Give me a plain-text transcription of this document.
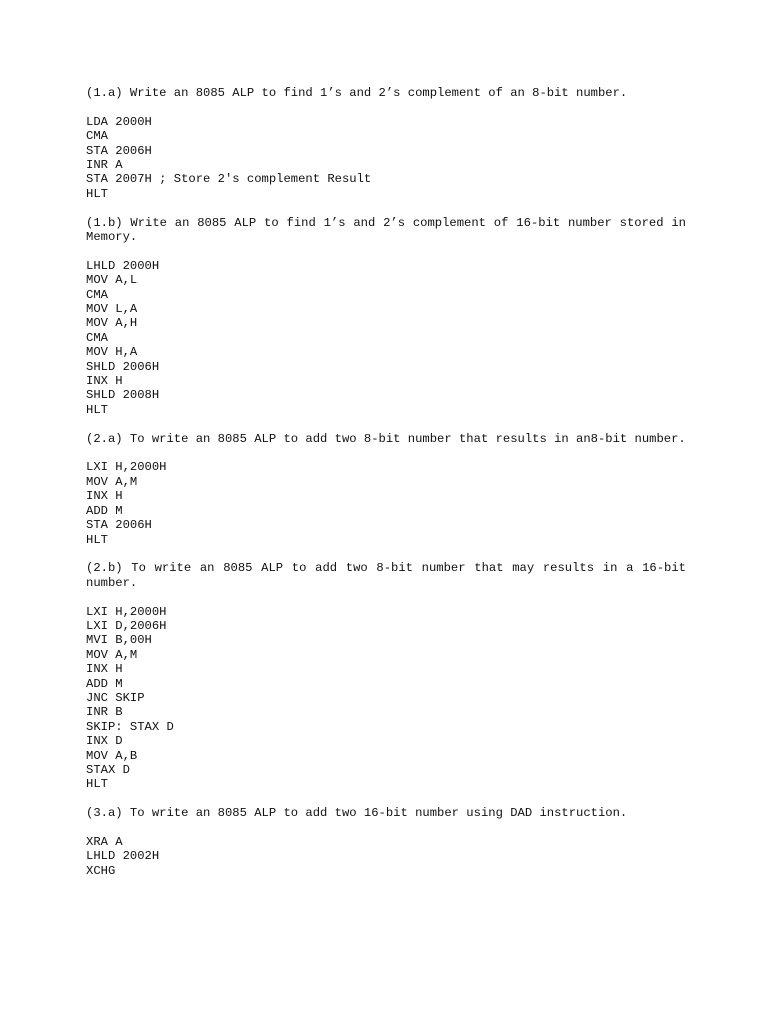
(1.a) Write an 8085 ALP to find 1’s and 2’s complement of an 8-bit number.
LDA 2000H
CMA
STA 2006H
INR A
STA 2007H ; Store 2's complement Result
HLT
(1.b) Write an 8085 ALP to find 1’s and 2’s complement of 16-bit number stored in Memory.
LHLD 2000H
MOV A,L
CMA
MOV L,A
MOV A,H
CMA
MOV H,A
SHLD 2006H
INX H
SHLD 2008H
HLT
(2.a) To write an 8085 ALP to add two 8-bit number that results in an8-bit number.
LXI H,2000H
MOV A,M
INX H
ADD M
STA 2006H
HLT
(2.b) To write an 8085 ALP to add two 8-bit number that may results in a 16-bit number.
LXI H,2000H
LXI D,2006H
MVI B,00H
MOV A,M
INX H
ADD M
JNC SKIP
INR B
SKIP: STAX D
INX D
MOV A,B
STAX D
HLT
(3.a) To write an 8085 ALP to add two 16-bit number using DAD instruction.
XRA A
LHLD 2002H
XCHG
